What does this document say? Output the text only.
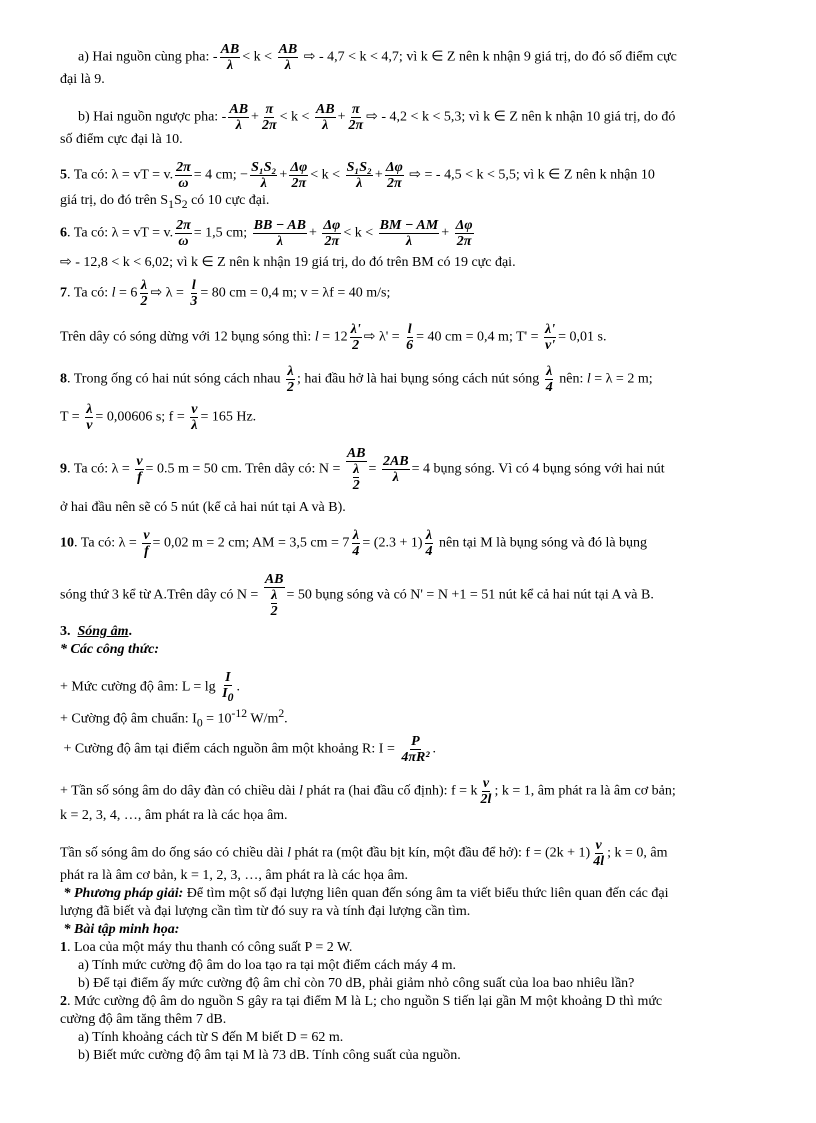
a) Hai nguồn cùng pha: - $\frac{AB}{\lambda} < k < \frac{AB}{\lambda}$ ⇨ - 4,7 < k < 4,7; vì k ∈ Z nên k nhận 9 giá trị, do đó số điểm cực
đại là 9.
b) Hai nguồn ngược pha: - $\frac{AB}{\lambda} + \frac{\pi}{2\pi} < k < \frac{AB}{\lambda} + \frac{\pi}{2\pi}$ ⇨ - 4,2 < k < 5,3; vì k ∈ Z nên k nhận 10 giá trị, do đó
số điểm cực đại là 10.
5. Ta có: λ = vT = v. $\frac{2\pi}{\omega} = 4$ cm; − $\frac{\text{S₁S₂}}{\lambda} + \frac{\Delta\varphi}{2\pi} < k < \frac{\text{S₁S₂}}{\lambda} + \frac{\Delta\varphi}{2\pi}$ ⇨ = - 4,5 < k < 5,5; vì k ∈ Z nên k nhận 10
giá trị, do đó trên $S_1S_2$ có 10 cực đại.
6. Ta có: λ = vT = v. $\frac{2\pi}{\omega} = 1,5$ cm; $\frac{BB - AB}{\lambda} + \frac{\Delta\varphi}{2\pi} < k < \frac{BM - AM}{\lambda} + \frac{\Delta\varphi}{2\pi}$
⇨ - 12,8 < k < 6,02; vì k ∈ Z nên k nhận 19 giá trị, do đó trên BM có 19 cực đại.
7. Ta có: $l = 6 \frac{\lambda}{2}$ ⇨ $\lambda = \frac{l}{3} = 80$ cm = 0,4 m; v = λf = 40 m/s;
Trên dây có sóng dừng với 12 bụng sóng thì: $l = 12 \frac{\lambda'}{2}$ ⇨ $\lambda' = \frac{l}{6} = 40$ cm = 0,4 m; $T' = \frac{\lambda'}{v'} = 0,01$ s.
8. Trong ống có hai nút sóng cách nhau $\frac{\lambda}{2}$ ; hai đầu hở là hai bụng sóng cách nút sóng $\frac{\lambda}{4}$ nên: l = λ = 2 m;
$T = \frac{\lambda}{v} = 0,00606$ s; $f = \frac{v}{\lambda} = 165$ Hz.
9. Ta có: $\lambda = \frac{v}{f} = 0.5$ m = 50 cm. Trên dây có: N = AB
λ
$2 = \frac{2AB}{\lambda} = 4$ bụng sóng. Vì có 4 bụng sóng với hai nút
ở hai đầu nên sẽ có 5 nút (kể cả hai nút tại A và B).
10. Ta có: $\lambda = \frac{v}{f} = 0,02$ m = 2 cm; AM = 3,5 cm = $7 \frac{\lambda}{4} = (2.3 + 1) \frac{\lambda}{4}$ nên tại M là bụng sóng và đó là bụng
sóng thứ 3 kể từ A.Trên dây có N = AB
λ
2 = 50 bụng sóng và có N' = N +1 = 51 nút kể cả hai nút tại A và B.
3.  Sóng âm.
* Các công thức:
+ Mức cường độ âm: $L = \lg \frac{I}{I_0}$ .
+ Cường độ âm chuẩn: $I_0 = 10^{-12}$ $W/m^2$.
+ Cường độ âm tại điểm cách nguồn âm một khoảng R: $I = \frac{P}{\text{4πR²}}$ .
+ Tần số sóng âm do dây đàn có chiều dài l phát ra (hai đầu cố định): f = k $\frac{v}{2l}$ ; k = 1, âm phát ra là âm cơ bản;
k = 2, 3, 4, …, âm phát ra là các họa âm.
Tần số sóng âm do ống sáo có chiều dài l phát ra (một đầu bịt kín, một đầu để hở): $f = (2k + 1) \frac{v}{4l}$ ; k = 0, âm
phát ra là âm cơ bản, k = 1, 2, 3, …, âm phát ra là các họa âm.
* Phương pháp giải: Để tìm một số đại lượng liên quan đến sóng âm ta viết biểu thức liên quan đến các đại
lượng đã biết và đại lượng cần tìm từ đó suy ra và tính đại lượng cần tìm.
* Bài tập minh họa:
1. Loa của một máy thu thanh có công suất P = 2 W.
a) Tính mức cường độ âm do loa tạo ra tại một điểm cách máy 4 m.
b) Để tại điểm ấy mức cường độ âm chỉ còn 70 dB, phải giảm nhỏ công suất của loa bao nhiêu lần?
2. Mức cường độ âm do nguồn S gây ra tại điểm M là L; cho nguồn S tiến lại gần M một khoảng D thì mức
cường độ âm tăng thêm 7 dB.
a) Tính khoảng cách từ S đến M biết D = 62 m.
b) Biết mức cường độ âm tại M là 73 dB. Tính công suất của nguồn.
